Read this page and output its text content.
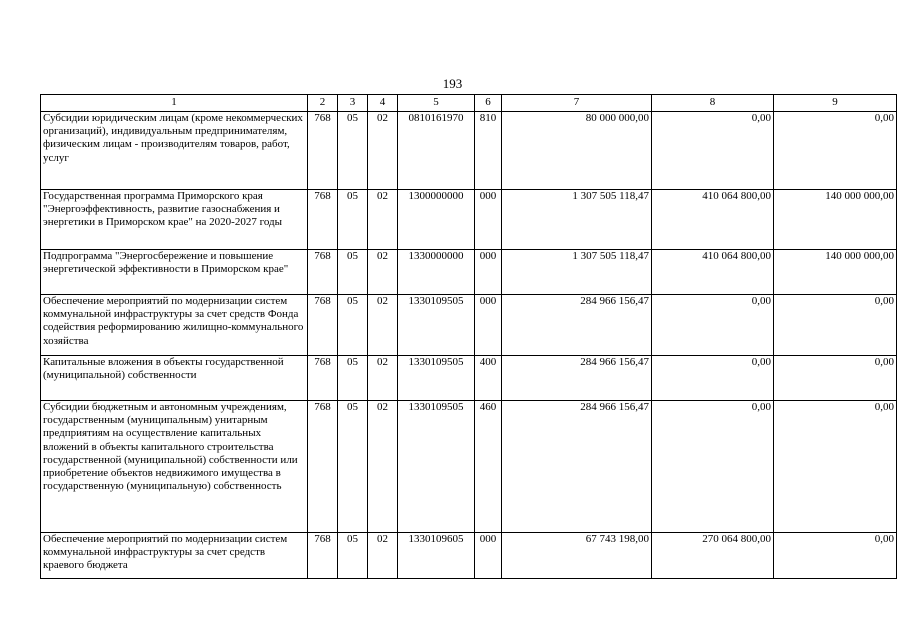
193
1	2	3	4	5	6	7	8	9
Субсидии юридическим лицам (кроме некоммерческих организаций), индивидуальным предпринимателям, физическим лицам - производителям товаров, работ, услуг	768	05	02	0810161970	810	80 000 000,00	0,00	0,00
Государственная программа Приморского края "Энергоэффективность, развитие газоснабжения и энергетики в Приморском крае" на 2020-2027 годы	768	05	02	1300000000	000	1 307 505 118,47	410 064 800,00	140 000 000,00
Подпрограмма "Энергосбережение и повышение энергетической эффективности в Приморском крае"	768	05	02	1330000000	000	1 307 505 118,47	410 064 800,00	140 000 000,00
Обеспечение мероприятий по модернизации систем коммунальной инфраструктуры за счет средств Фонда содействия реформированию жилищно-коммунального хозяйства	768	05	02	1330109505	000	284 966 156,47	0,00	0,00
Капитальные вложения в объекты государственной (муниципальной) собственности	768	05	02	1330109505	400	284 966 156,47	0,00	0,00
Субсидии бюджетным и автономным учреждениям, государственным (муниципальным) унитарным предприятиям на осуществление капитальных вложений в объекты капитального строительства государственной (муниципальной) собственности или приобретение объектов недвижимого имущества в государственную (муниципальную) собственность	768	05	02	1330109505	460	284 966 156,47	0,00	0,00
Обеспечение мероприятий по модернизации систем коммунальной инфраструктуры за счет средств краевого бюджета	768	05	02	1330109605	000	67 743 198,00	270 064 800,00	0,00
